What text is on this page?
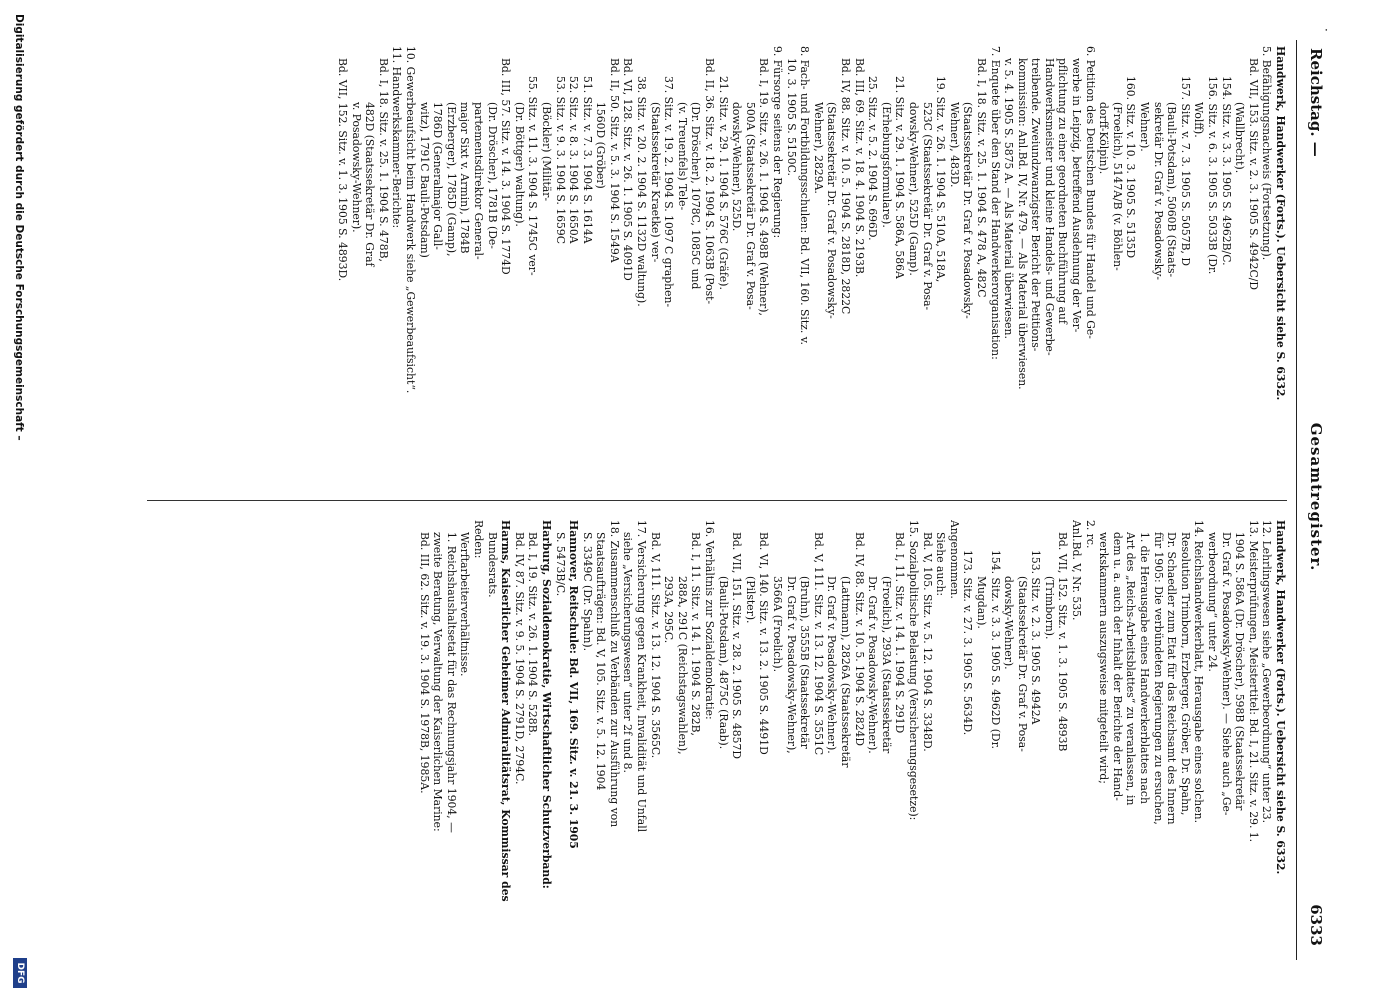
·
Reichstag. —
Gesamtregister.
6333

Handwerk, Handwerker (Forts.). Uebersicht siehe S. 6332.

5. Befähigungsnachweis (Fortsetzung).

Bd. VII, 153. Sitz. v. 2. 3. 1905 S. 4942C/D

(Wallbrecht).

154. Sitz. v. 3. 3. 1905 S. 4962B/C.

156. Sitz. v. 6. 3. 1905 S. 5033B (Dr.

Wolff).

157. Sitz. v. 7. 3. 1905 S. 5057B, D

(Bauli-Potsdam), 5060B (Staats-

sekretär Dr. Graf v. Posadowsky-

Wehner).

160. Sitz. v. 10. 3. 1905 S. 5135D

(Froelich), 5147A/B (v. Böhlen-

dorff-Kölpin).

6. Petition des Deutschen Bundes für Handel und Ge-

werbe in Leipzig, betreffend Ausdehnung der Ver-

pflichtung zu einer geordneten Buchführung auf

Handwerksmeister und kleine Handels- und Gewerbe-

treibende. Zweiundzwanzigster Bericht der Petitions-

kommission: Anl.Bd. IV, Nr. 479. — Als Material überwiesen.

v. 5. 4. 1905 S. 5875 A. — Als Material überwiesen.

7. Enquete über den Stand der Handwerkerorganisation:

Bd. I, 18. Sitz. v. 25. 1. 1904 S. 478 A, 482C

(Staatssekretär Dr. Graf v. Posadowsky-

Wehner), 483D.

19. Sitz. v. 26. 1. 1904 S. 510A, 518A,

523C (Staatssekretär Dr. Graf v. Posa-

dowsky-Wehner), 525D (Gamp).

21. Sitz. v. 29. 1. 1904 S. 586A, 586A

(Erhebungsformulare).

25. Sitz. v. 5. 2. 1904 S. 696D.

Bd. III, 69. Sitz. v. 18. 4. 1904 S. 2193B.

Bd. IV, 88. Sitz. v. 10. 5. 1904 S. 2818D, 2822C

(Staatssekretär Dr. Graf v. Posadowsky-

Wehner), 2829A.

8. Fach- und Fortbildungsschulen: Bd. VII, 160. Sitz. v.

10. 3. 1905 S. 5150C.

9. Fürsorge seitens der Regierung:

Bd. I, 19. Sitz. v. 26. 1. 1904 S. 498B (Wehner),

500A (Staatssekretär Dr. Graf v. Posa-

dowsky-Wehner), 525D.

21. Sitz. v. 29. 1. 1904 S. 576C (Gräfe).

Bd. II, 36. Sitz. v. 18. 2. 1904 S. 1063B (Post-

(Dr. Dröscher), 1078C, 1085C und

(v. Treuenfels) Tele-

37. Sitz. v. 19. 2. 1904 S. 1097 C graphen-

(Staatssekretär Kraetke) ver-

38. Sitz. v. 20. 2. 1904 S. 1132D waltung).

Bd. VI, 128. Sitz. v. 26. 1. 1905 S. 4091D

Bd. II, 50. Sitz. v. 5. 3. 1904 S. 1549A

1560D (Gröber)

51. Sitz. v. 7. 3. 1904 S. 1614A

52. Sitz. v. 8. 3. 1904 S. 1650A

53. Sitz. v. 9. 3. 1904 S. 1659C

(Böckler) (Militär-

55. Sitz. v. 11. 3. 1904 S. 1745C ver-

(Dr. Böttger) waltung).

Bd. III, 57. Sitz. v. 14. 3. 1904 S. 1774D

(Dr. Dröscher), 1781B (De-

partementsdirektor General-

major Sixt v. Armin), 1784B

(Erzberger), 1785D (Gamp),

1786D (Generalmajor Gall-

witz), 1791C Bauli-Potsdam)

10. Gewerbeaufsicht beim Handwerk siehe „Gewerbeaufsicht“.

11. Handwerkskammer-Berichte:

Bd. I, 18. Sitz. v. 25. 1. 1904 S. 478B,

482D (Staatssekretär Dr. Graf

v. Posadowsky-Wehner).

Bd. VII, 152. Sitz. v. 1. 3. 1905 S. 4893D.

Handwerk, Handwerker (Forts.). Uebersicht siehe S. 6332.

12. Lehrlingswesen siehe „Gewerbeordnung“ unter 23.

13. Meisterprüfungen, Meistertitel: Bd. I, 21. Sitz. v. 29. 1.

1904 S. 586A (Dr. Dröscher), 598B (Staatssekretär

Dr. Graf v. Posadowsky-Wehner). — Siehe auch „Ge-

werbeordnung“ unter 24.

14. Reichshandwerkerblatt, Herausgabe eines solchen.

Resolution Trimborn, Erzberger, Gröber, Dr. Spahn,

Dr. Schaedler zum Etat für das Reichsamt des Innern

für 1905: Die verbündeten Regierungen zu ersuchen,

1. die Herausgabe eines Handwerkerblattes nach

Art des „Reichs-Arbeitsblattes“ zu veranlassen, in

dem u. a. auch der Inhalt der Berichte der Hand-

werkskammern auszugsweise mitgeteilt wird;

2. rc.

Anl.Bd. V, Nr. 535.

Bd. VII, 152. Sitz. v. 1. 3. 1905 S. 4893B

(Trimborn).

153. Sitz. v. 2. 3. 1905 S. 4942A

(Staatssekretär Dr. Graf v. Posa-

dowsky-Wehner).

154. Sitz. v. 3. 3. 1905 S. 4962D (Dr.

Mugdan).

173. Sitz. v. 27. 3. 1905 S. 5634D.

Angenommen.

Siehe auch:

Bd. V, 105. Sitz. v. 5. 12. 1904 S. 3348D.

15. Sozialpolitische Belastung (Versicherungsgesetze):

Bd. I, 11. Sitz. v. 14. 1. 1904 S. 291D

(Froelich), 293A (Staatssekretär

Dr. Graf v. Posadowsky-Wehner).

Bd. IV, 88. Sitz. v. 10. 5. 1904 S. 2824D

(Lattmann), 2826A (Staatssekretär

Dr. Graf v. Posadowsky-Wehner).

Bd. V, 111. Sitz. v. 13. 12. 1904 S. 3551C

(Bruhn), 3555B (Staatssekretär

Dr. Graf v. Posadowsky-Wehner),

3566A (Froelich).

Bd. VI, 140. Sitz. v. 13. 2. 1905 S. 4491D

(Pilster).

Bd. VII, 151. Sitz. v. 28. 2. 1905 S. 4857D

(Bauli-Potsdam), 4875C (Raab).

16. Verhältnis zur Sozialdemokratie:

Bd. I, 11. Sitz. v. 14. 1. 1904 S. 282B,

288A, 291C (Reichstagswahlen),

293A, 295C.

Bd. V, 111. Sitz. v. 13. 12. 1904 S. 3565C.

17. Versicherung gegen Krankheit, Invalidität und Unfall

siehe „Versicherungswesen“ unter 2f und 8.

18. Zusammenschluß zu Verbänden zur Ausführung von

Staatsaufträgen: Bd. V, 105. Sitz. v. 5. 12. 1904

S. 3349C (Dr. Spahn).

Hannover, Reitschule: Bd. VII, 169. Sitz. v. 21. 3. 1905

S. 5473B/C.

Harburg, Sozialdemokratie, Wirtschaftlicher Schutzverband:

Bd. I, 19. Sitz. v. 26. 1. 1904 S. 528B.

Bd. IV, 87. Sitz. v. 9. 5. 1904 S. 2791D, 2794C.

Harms, Kaiserlicher Geheimer Admiralitätsrat, Kommissar des

Bundesrats.

Reden:

Werftarbeiterverhältnisse.

1. Reichshaushaltsetat für das Rechnungsjahr 1904, —

zweite Beratung, Verwaltung der Kaiserlichen Marine:

Bd. III, 62. Sitz. v. 19. 3. 1904 S. 1978B, 1985A.

Digitalisierung gefördert durch die Deutsche Forschungsgemeinschaft –
DFG
